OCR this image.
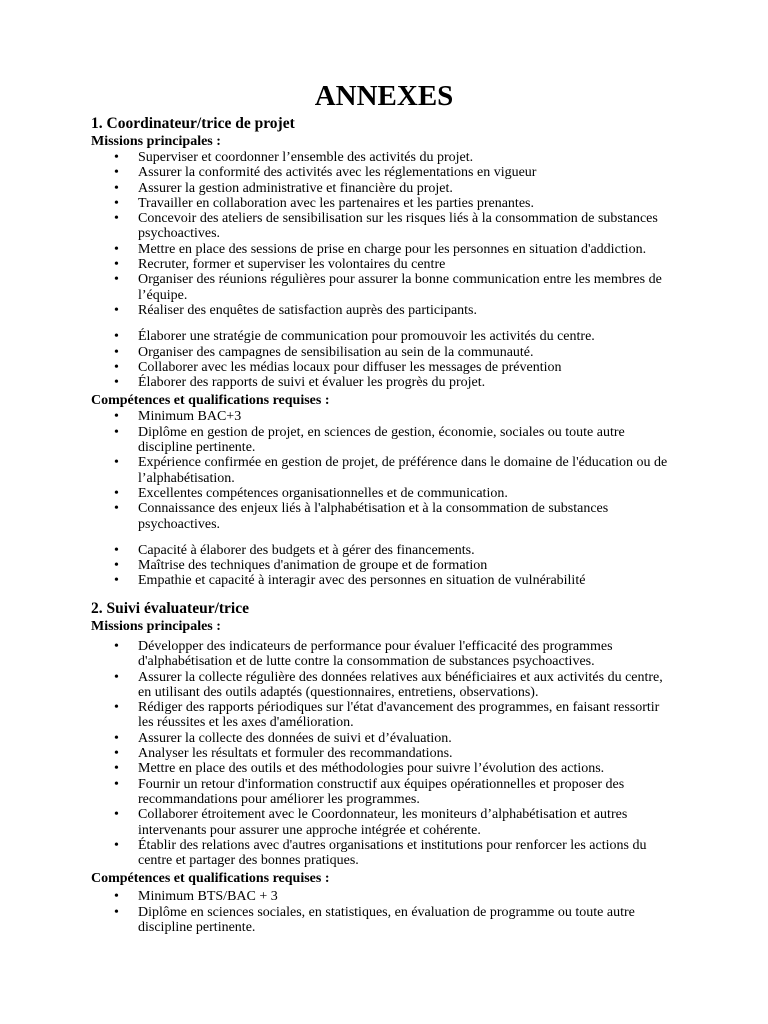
ANNEXES
1. Coordinateur/trice de projet
Missions principales :
• Superviser et coordonner l’ensemble des activités du projet.
• Assurer la conformité des activités avec les réglementations en vigueur
• Assurer la gestion administrative et financière du projet.
• Travailler en collaboration avec les partenaires et les parties prenantes.
• Concevoir des ateliers de sensibilisation sur les risques liés à la consommation de substances psychoactives.
• Mettre en place des sessions de prise en charge pour les personnes en situation d'addiction.
• Recruter, former et superviser les volontaires du centre
• Organiser des réunions régulières pour assurer la bonne communication entre les membres de l’équipe.
• Réaliser des enquêtes de satisfaction auprès des participants.
• Élaborer une stratégie de communication pour promouvoir les activités du centre.
• Organiser des campagnes de sensibilisation au sein de la communauté.
• Collaborer avec les médias locaux pour diffuser les messages de prévention
• Élaborer des rapports de suivi et évaluer les progrès du projet.
Compétences et qualifications requises :
• Minimum BAC+3
• Diplôme en gestion de projet, en sciences de gestion, économie, sociales ou toute autre discipline pertinente.
• Expérience confirmée en gestion de projet, de préférence dans le domaine de l'éducation ou de l’alphabétisation.
• Excellentes compétences organisationnelles et de communication.
• Connaissance des enjeux liés à l'alphabétisation et à la consommation de substances psychoactives.
• Capacité à élaborer des budgets et à gérer des financements.
• Maîtrise des techniques d'animation de groupe et de formation
• Empathie et capacité à interagir avec des personnes en situation de vulnérabilité
2. Suivi évaluateur/trice
Missions principales :
• Développer des indicateurs de performance pour évaluer l'efficacité des programmes d'alphabétisation et de lutte contre la consommation de substances psychoactives.
• Assurer la collecte régulière des données relatives aux bénéficiaires et aux activités du centre, en utilisant des outils adaptés (questionnaires, entretiens, observations).
• Rédiger des rapports périodiques sur l'état d'avancement des programmes, en faisant ressortir les réussites et les axes d'amélioration.
• Assurer la collecte des données de suivi et d’évaluation.
• Analyser les résultats et formuler des recommandations.
• Mettre en place des outils et des méthodologies pour suivre l’évolution des actions.
• Fournir un retour d'information constructif aux équipes opérationnelles et proposer des recommandations pour améliorer les programmes.
• Collaborer étroitement avec le Coordonnateur, les moniteurs d’alphabétisation et autres intervenants pour assurer une approche intégrée et cohérente.
• Établir des relations avec d'autres organisations et institutions pour renforcer les actions du centre et partager des bonnes pratiques.
Compétences et qualifications requises :
• Minimum BTS/BAC + 3
• Diplôme en sciences sociales, en statistiques, en évaluation de programme ou toute autre discipline pertinente.
